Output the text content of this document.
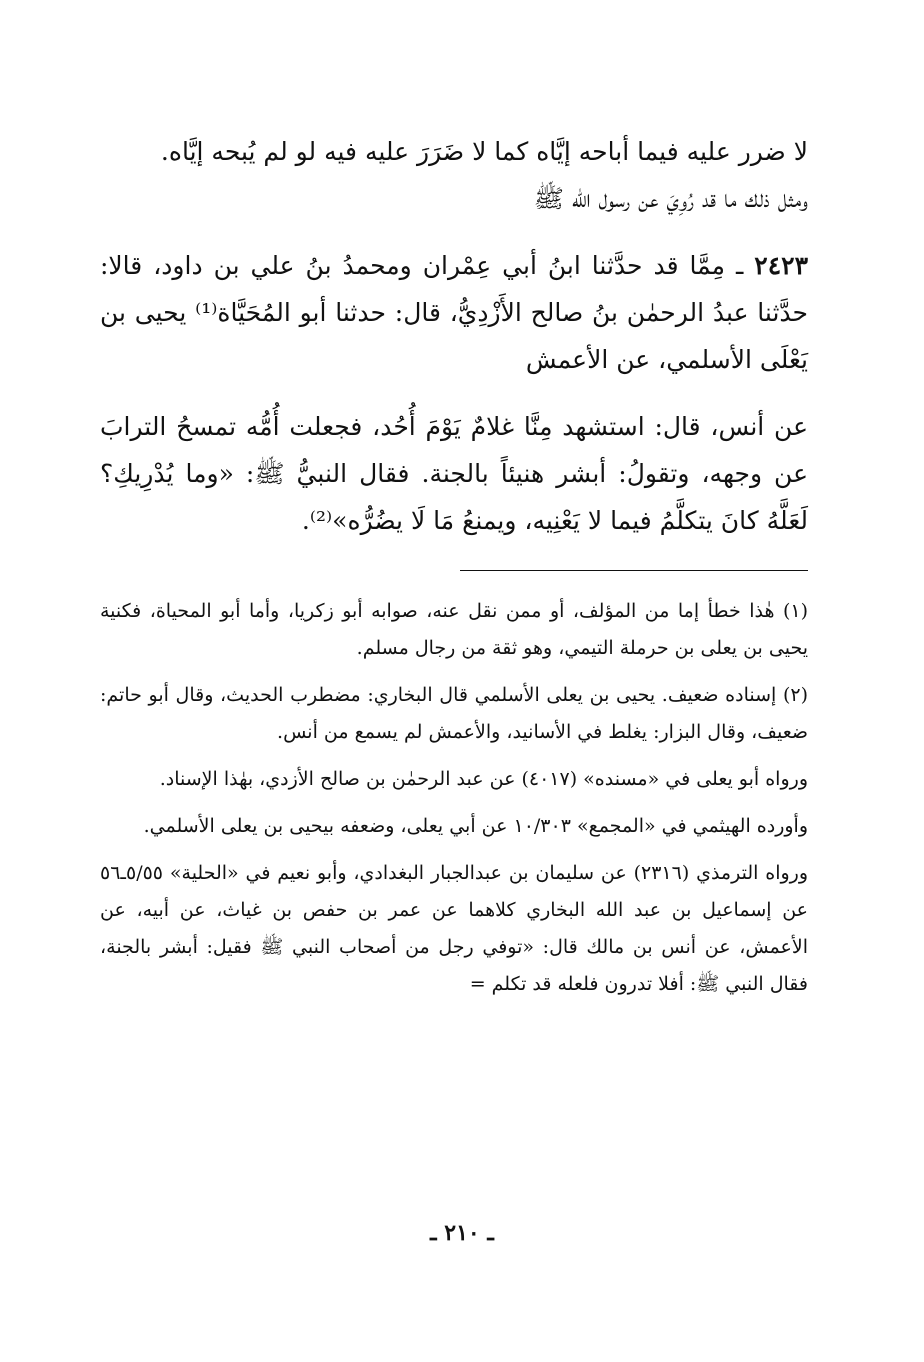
لا ضرر عليه فيما أباحه إيَّاه كما لا ضَرَرَ عليه فيه لو لم يُبحه إيَّاه.

ومثل ذلك ما قد رُوِيَ عن رسول الله ﷺ

٢٤٢٣ ـ مِمَّا قد حدَّثنا ابنُ أبي عِمْران ومحمدُ بنُ علي بن داود، قالا: حدَّثنا عبدُ الرحمٰن بنُ صالح الأَزْدِيُّ، قال: حدثنا أبو المُحَيَّاة⁽¹⁾ يحيى بن يَعْلَى الأسلمي، عن الأعمش

عن أنس، قال: استشهد مِنَّا غلامٌ يَوْمَ أُحُد، فجعلت أُمُّه تمسحُ الترابَ عن وجهه، وتقولُ: أبشر هنيئاً بالجنة. فقال النبيُّ ﷺ: «وما يُدْرِيكِ؟ لَعَلَّهُ كانَ يتكلَّمُ فيما لا يَعْنِيه، ويمنعُ مَا لَا يضُرُّه»⁽²⁾.

(١) هٰذا خطأ إما من المؤلف، أو ممن نقل عنه، صوابه أبو زكريا، وأما أبو المحياة، فكنية يحيى بن يعلى بن حرملة التيمي، وهو ثقة من رجال مسلم.

(٢) إسناده ضعيف. يحيى بن يعلى الأسلمي قال البخاري: مضطرب الحديث، وقال أبو حاتم: ضعيف، وقال البزار: يغلط في الأسانيد، والأعمش لم يسمع من أنس.

ورواه أبو يعلى في «مسنده» (٤٠١٧) عن عبد الرحمٰن بن صالح الأزدي، بهٰذا الإسناد.

وأورده الهيثمي في «المجمع» ١٠/٣٠٣ عن أبي يعلى، وضعفه بيحيى بن يعلى الأسلمي.

ورواه الترمذي (٢٣١٦) عن سليمان بن عبدالجبار البغدادي، وأبو نعيم في «الحلية» ٥/٥٥ـ٥٦ عن إسماعيل بن عبد الله البخاري كلاهما عن عمر بن حفص بن غياث، عن أبيه، عن الأعمش، عن أنس بن مالك قال: «توفي رجل من أصحاب النبي ﷺ فقيل: أبشر بالجنة، فقال النبي ﷺ: أفلا تدرون فلعله قد تكلم =

ـ ٢١٠ ـ
